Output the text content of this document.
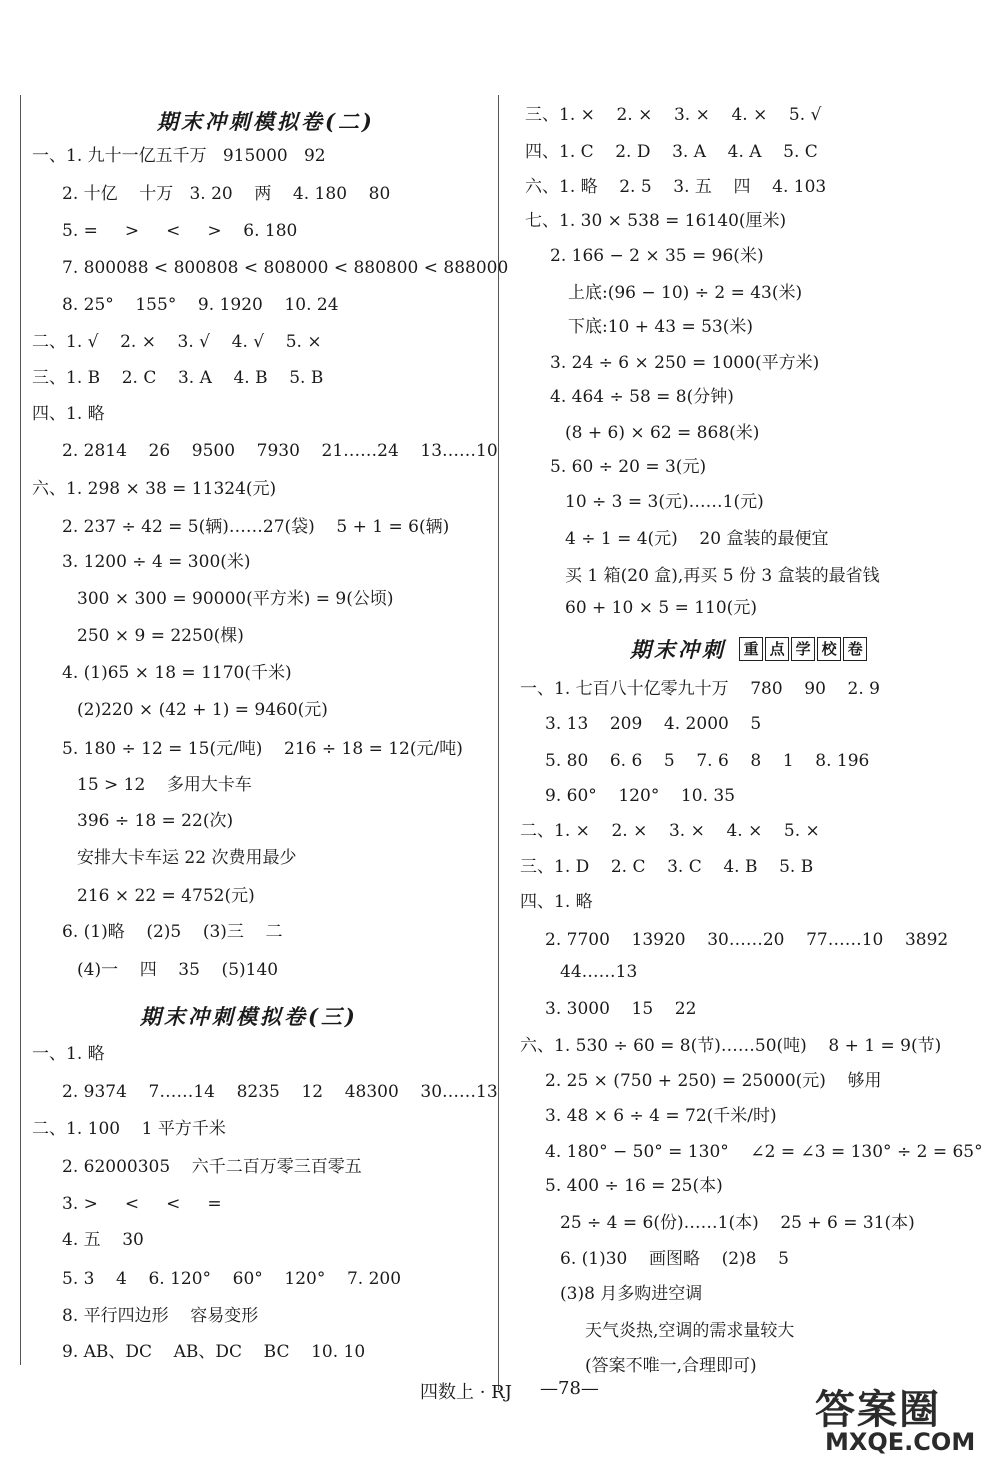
期末冲刺模拟卷(二)
一、1. 九十一亿五千万   915000   92
2. 十亿    十万   3. 20    两    4. 180    80
5. =     >     <     >    6. 180
7. 800088 < 800808 < 808000 < 880800 < 888000
8. 25°    155°    9. 1920    10. 24
二、1. √    2. ×    3. √    4. √    5. ×
三、1. B    2. C    3. A    4. B    5. B
四、1. 略
2. 2814    26    9500    7930    21……24    13……10
六、1. 298 × 38 = 11324(元)
2. 237 ÷ 42 = 5(辆)……27(袋)    5 + 1 = 6(辆)
3. 1200 ÷ 4 = 300(米)
300 × 300 = 90000(平方米) = 9(公顷)
250 × 9 = 2250(棵)
4. (1)65 × 18 = 1170(千米)
(2)220 × (42 + 1) = 9460(元)
5. 180 ÷ 12 = 15(元/吨)    216 ÷ 18 = 12(元/吨)
15 > 12    多用大卡车
396 ÷ 18 = 22(次)
安排大卡车运 22 次费用最少
216 × 22 = 4752(元)
6. (1)略    (2)5    (3)三    二
(4)一    四    35    (5)140
期末冲刺模拟卷(三)
一、1. 略
2. 9374    7……14    8235    12    48300    30……13
二、1. 100    1 平方千米
2. 62000305    六千二百万零三百零五
3. >     <     <     =
4. 五    30
5. 3    4    6. 120°    60°    120°    7. 200
8. 平行四边形    容易变形
9. AB、DC    AB、DC    BC    10. 10
三、1. ×    2. ×    3. ×    4. ×    5. √
四、1. C    2. D    3. A    4. A    5. C
六、1. 略    2. 5    3. 五    四    4. 103
七、1. 30 × 538 = 16140(厘米)
2. 166 − 2 × 35 = 96(米)
上底:(96 − 10) ÷ 2 = 43(米)
下底:10 + 43 = 53(米)
3. 24 ÷ 6 × 250 = 1000(平方米)
4. 464 ÷ 58 = 8(分钟)
(8 + 6) × 62 = 868(米)
5. 60 ÷ 20 = 3(元)
10 ÷ 3 = 3(元)……1(元)
4 ÷ 1 = 4(元)    20 盒装的最便宜
买 1 箱(20 盒),再买 5 份 3 盒装的最省钱
60 + 10 × 5 = 110(元)
期末冲刺 重 点 学 校 卷
一、1. 七百八十亿零九十万    780    90    2. 9
3. 13    209    4. 2000    5
5. 80    6. 6    5    7. 6    8    1    8. 196
9. 60°    120°    10. 35
二、1. ×    2. ×    3. ×    4. ×    5. ×
三、1. D    2. C    3. C    4. B    5. B
四、1. 略
2. 7700    13920    30……20    77……10    3892
44……13
3. 3000    15    22
六、1. 530 ÷ 60 = 8(节)……50(吨)    8 + 1 = 9(节)
2. 25 × (750 + 250) = 25000(元)    够用
3. 48 × 6 ÷ 4 = 72(千米/时)
4. 180° − 50° = 130°    ∠2 = ∠3 = 130° ÷ 2 = 65°
5. 400 ÷ 16 = 25(本)
25 ÷ 4 = 6(份)……1(本)    25 + 6 = 31(本)
6. (1)30    画图略    (2)8    5
(3)8 月多购进空调
天气炎热,空调的需求量较大
(答案不唯一,合理即可)

四数上 · RJ

—78—

	答案圈
MXQE.COM
